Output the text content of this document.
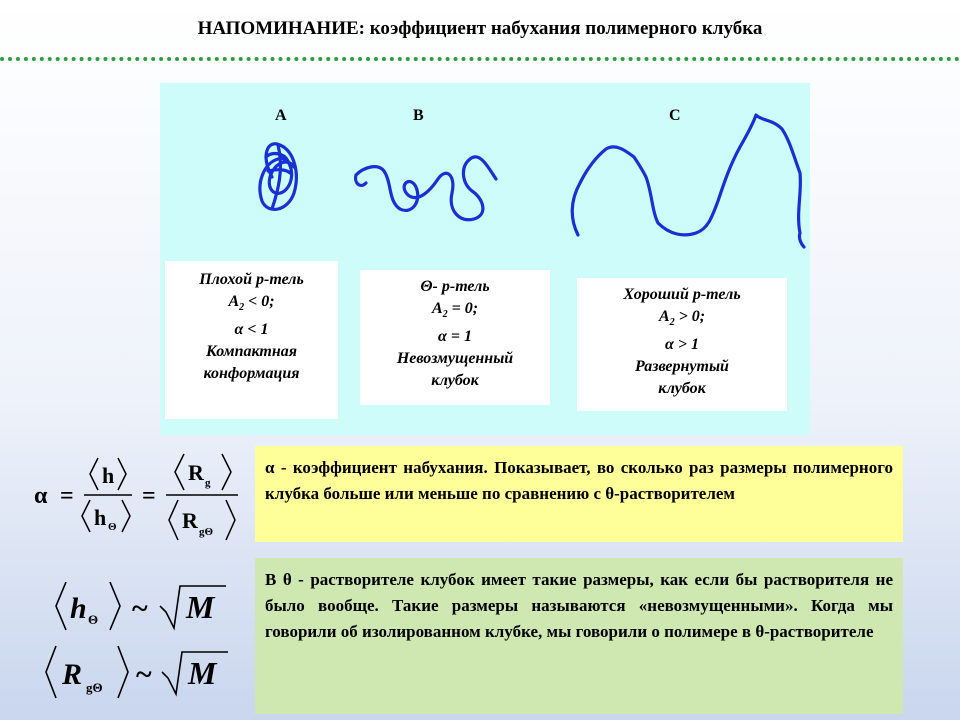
НАПОМИНАНИЕ: коэффициент набухания полимерного клубка
A	B	C
Плохой р-тель
$A_2 < 0$;
α < 1
Компактная
конформация
Θ- р-тель
$A_2 = 0$;
α = 1
Невозмущенный
клубок
Хороший р-тель
$A_2 > 0$;
α > 1
Развернутый
клубок
α =
h
h Θ
=
R g
R gΘ
h Θ ~ M
R gΘ ~ M
α - коэффициент набухания. Показывает, во сколько раз размеры полимерного клубка больше или меньше по сравнению с θ-растворителем
В θ - растворителе клубок имеет такие размеры, как если бы растворителя не было вообще. Такие размеры называются «невозмущенными». Когда мы говорили об изолированном клубке, мы говорили о полимере в θ-растворителе
